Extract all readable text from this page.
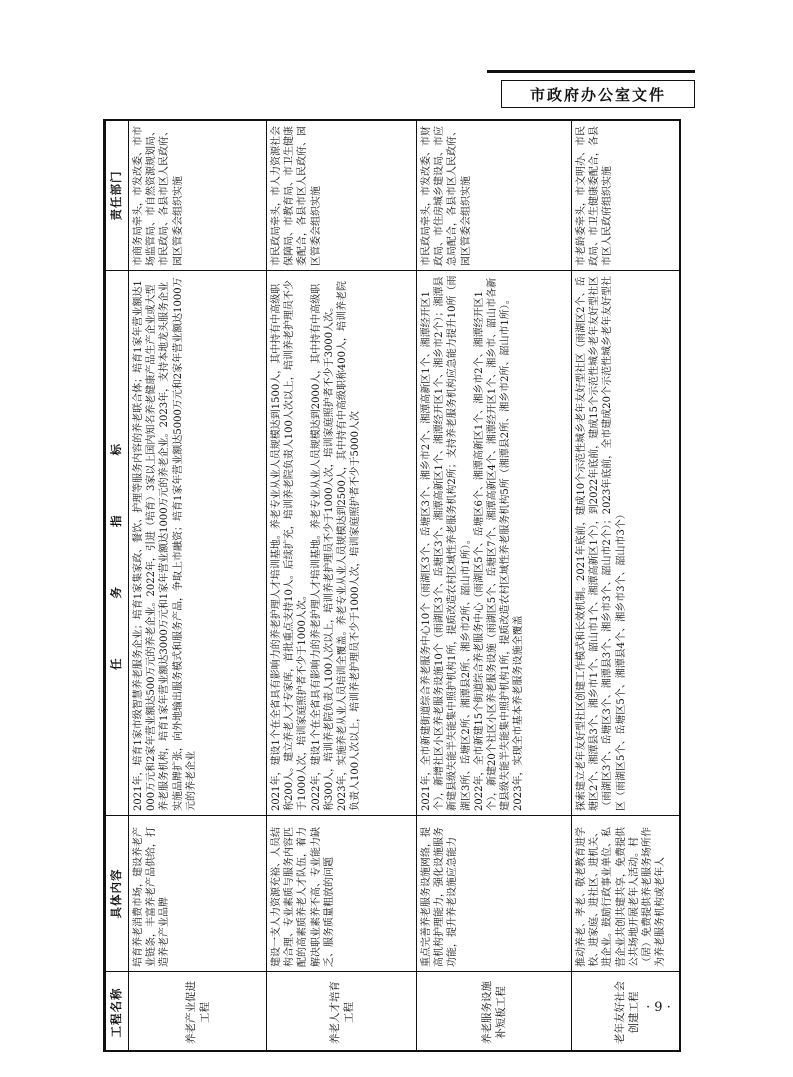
市政府办公室文件
工程名称	具体内容	任 务 指 标	责任部门
养老产业促进工程	培育养老消费市场，建设养老产业链条，丰富养老产品供给，打造养老产业品牌	2021年，培育1家市级智慧养老服务企业；培育1家集家政、餐饮、护理等服务内容的养老联合体；培育1家年营业额达1000万元和2家年营业额达500万元的养老企业。2022年，引进（培育）3家以上国内知名养老健康产品生产企业或大型养老服务机构，培育1家年营业额达3000万元和1家年营业额达1000万元的养老企业。2023年，支持本地龙头服务企业实施品牌扩张，向外地输出服务模式和服务产品，争取上市融资；培育1家年营业额达5000万元和2家年营业额达1000万元的养老企业	市商务局牵头，市发改委、市市场监管局、市自然资源规划局、市民政局、各县市区人民政府、园区管委会组织实施
养老人才培育工程	建设一支人力资源充裕、人员结构合理、专业素质与服务内容匹配的高素质养老人才队伍，着力解决职业素养不高、专业能力缺乏、服务质量粗放的问题	2021年，建设1个在全省具有影响力的养老护理人才培训基地。养老专业从业人员规模达到1500人，其中持有中高级职称200人。建立养老人才专家库，首批重点支持10人。后续扩充，培训养老院负责人100人次以上，培训养老护理员不少于1000人次，培训家庭照护者不少于1000人次。 2022年，建设1个在全省具有影响力的养老护理人才培训基地。养老专业从业人员规模达到2000人，其中持有中高级职称300人，培训养老院负责人100人次以上，培训养老护理员不少于1000人次，培训家庭照护者不少于3000人次。 2023年，实施养老从业人员培训全覆盖。养老专业从业人员规模达到2500人，其中持有中高级职称400人，培训养老院负责人100人次以上，培训养老护理员不少于1000人次，培训家庭照护者不少于5000人次	市民政局牵头，市人力资源社会保障局、市教育局、市卫生健康委配合，各县市区人民政府、园区管委会组织实施
养老服务设施补短板工程	重点完善养老服务设施网络，提高机构护理能力，强化设施服务功能，提升养老设施应急能力	2021年，全市新建街道综合养老服务中心10个（雨湖区3个、岳塘区3个、湘乡市2个、湘潭高新区1个、湘潭经开区1个），新增社区小区养老服务设施10个（雨湖区3个、岳塘区3个、湘潭高新区1个、湘潭经开区1个、湘乡市2个）；湘潭县新建县级失能半失能集中照护机构1所，提质改造农村区域性养老服务机构2所；支持养老服务机构应急能力提升10所（雨湖区3所、岳塘区2所、湘潭县2所、湘乡市2所、韶山市1所）。 2022年，全市新建15个街道综合养老服务中心（雨湖区5个、岳塘区6个、湘潭高新区1个、湘乡市2个、湘潭经开区1个），新建20个社区小区养老服务设施（雨湖区5个、岳塘区7个、湘潭高新区4个、湘潭经开区1个、湘乡市、韶山市各新建县级失能半失能集中照护机构1所，提质改造农村区域性养老服务机构5所（湘潭县2所、湘乡市2所、韶山市1所）。 2023年，实现全市基本养老服务设施全覆盖	市民政局牵头，市发改委、市财政局、市住房城乡建设局、市应急局配合，各县市区人民政府、园区管委会组织实施
老年友好社会创建工程	推动养老、孝老、敬老教育进学校、进家庭、进社区、进机关、进企业。鼓励行政事业单位、私营企业共创共建共享，免费提供公共场地开展老年人活动。村（居）免费提供养老服务场所作为养老服务机构或老年人	探索建立老年友好型社区创建工作模式和长效机制。2021年底前，建成10个示范性城乡老年友好型社区（雨湖区2个、岳塘区2个、湘潭县3个、湘乡市1个、韶山市1个、湘潭高新区1个），到2022年底前，建成15个示范性城乡老年友好型社区（雨湖区3个、岳塘区3个、湘潭县3个、湘乡市3个、韶山市2个）；2023年底前，全市建成20个示范性城乡老年友好型社区（雨湖区5个、岳塘区5个、湘潭县4个、湘乡市3个、韶山市3个）	市老龄委牵头，市文明办、市民政局、市卫生健康委配合，各县市区人民政府组织实施
· 9 ·
